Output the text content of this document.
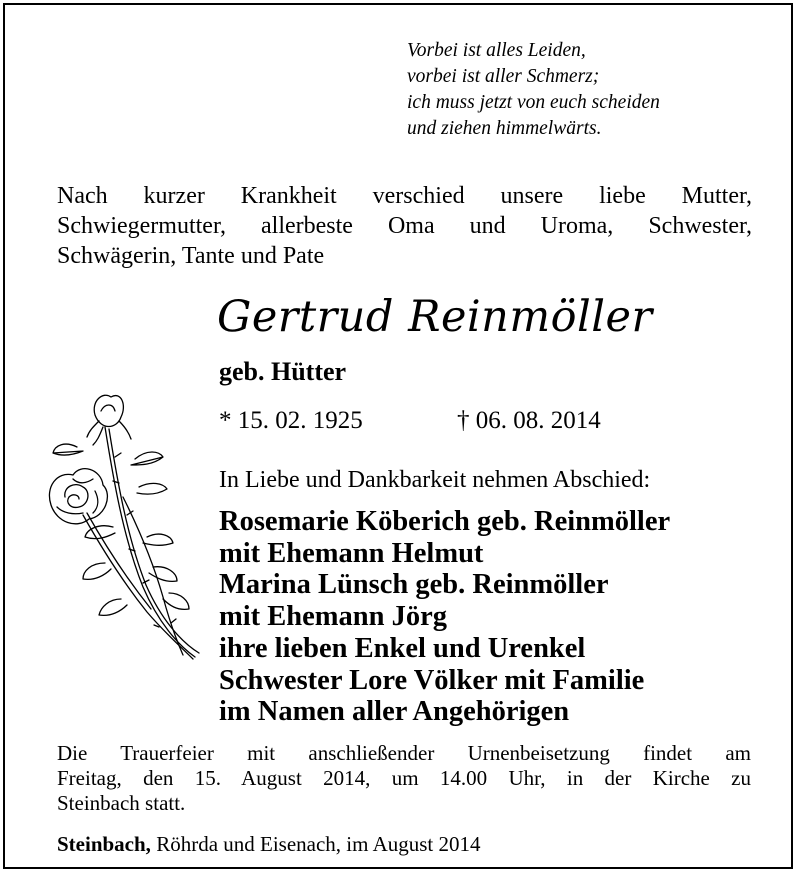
Vorbei ist alles Leiden,
vorbei ist aller Schmerz;
ich muss jetzt von euch scheiden
und ziehen himmelwärts.
Nach kurzer Krankheit verschied unsere liebe Mutter,
Schwiegermutter, allerbeste Oma und Uroma, Schwester,
Schwägerin, Tante und Pate
Gertrud Reinmöller
geb. Hütter
* 15. 02. 1925	† 06. 08. 2014
In Liebe und Dankbarkeit nehmen Abschied:
Rosemarie Köberich geb. Reinmöller
mit Ehemann Helmut
Marina Lünsch geb. Reinmöller
mit Ehemann Jörg
ihre lieben Enkel und Urenkel
Schwester Lore Völker mit Familie
im Namen aller Angehörigen
Die Trauerfeier mit anschließender Urnenbeisetzung findet am
Freitag, den 15. August 2014, um 14.00 Uhr, in der Kirche zu
Steinbach statt.
Steinbach, Röhrda und Eisenach, im August 2014
